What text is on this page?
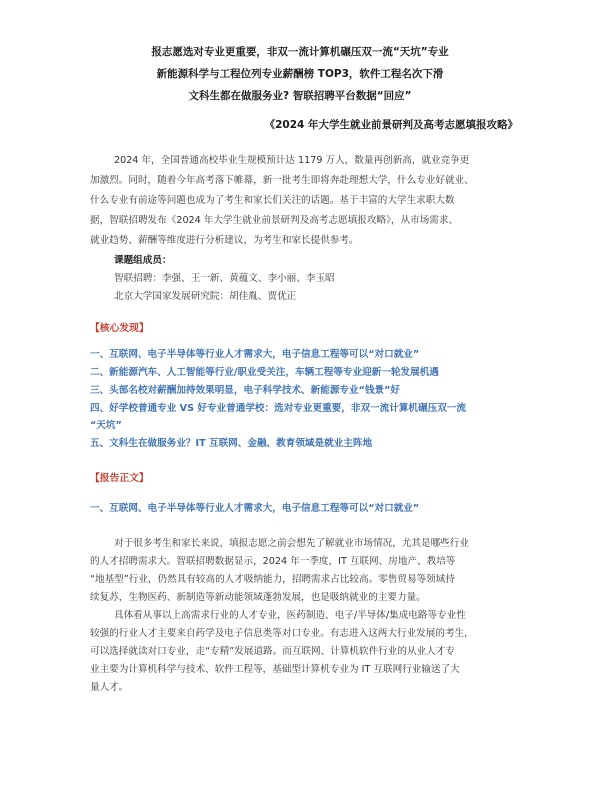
报志愿选对专业更重要，非双一流计算机碾压双一流“天坑”专业
新能源科学与工程位列专业薪酬榜 TOP3，软件工程名次下滑
文科生都在做服务业? 智联招聘平台数据“回应”
《2024 年大学生就业前景研判及高考志愿填报攻略》
2024 年，全国普通高校毕业生规模预计达 1179 万人，数量再创新高，就业竞争更
加激烈。同时，随着今年高考落下帷幕，新一批考生即将奔赴理想大学，什么专业好就业、
什么专业有前途等问题也成为了考生和家长们关注的话题。基于丰富的大学生求职大数
据，智联招聘发布《2024 年大学生就业前景研判及高考志愿填报攻略》，从市场需求、
就业趋势、薪酬等维度进行分析建议，为考生和家长提供参考。
课题组成员：
智联招聘：李强、王一新、黄蕴文、李小丽、李玉昭
北京大学国家发展研究院：胡佳胤、贾优正
【核心发现】
一、互联网、电子半导体等行业人才需求大，电子信息工程等可以“对口就业”
二、新能源汽车、人工智能等行业/职业受关注，车辆工程等专业迎新一轮发展机遇
三、头部名校对薪酬加持效果明显，电子科学技术、新能源专业“钱景”好
四、好学校普通专业 VS 好专业普通学校：选对专业更重要，非双一流计算机碾压双一流
“天坑”
五、文科生在做服务业？IT 互联网、金融、教育领域是就业主阵地
【报告正文】
一、互联网、电子半导体等行业人才需求大，电子信息工程等可以“对口就业”
对于很多考生和家长来说，填报志愿之前会想先了解就业市场情况，尤其是哪些行业
的人才招聘需求大。智联招聘数据显示，2024 年一季度，IT 互联网、房地产、教培等
“地基型”行业，仍然具有较高的人才吸纳能力，招聘需求占比较高。零售贸易等领域持
续复苏，生物医药、新制造等新动能领域蓬勃发展，也是吸纳就业的主要力量。
具体看从事以上高需求行业的人才专业，医药制造、电子/半导体/集成电路等专业性
较强的行业人才主要来自药学及电子信息类等对口专业。有志进入这两大行业发展的考生，
可以选择就读对口专业，走“专精”发展道路。而互联网、计算机软件行业的从业人才专
业主要为计算机科学与技术、软件工程等，基础型计算机专业为 IT 互联网行业输送了大
量人才。
